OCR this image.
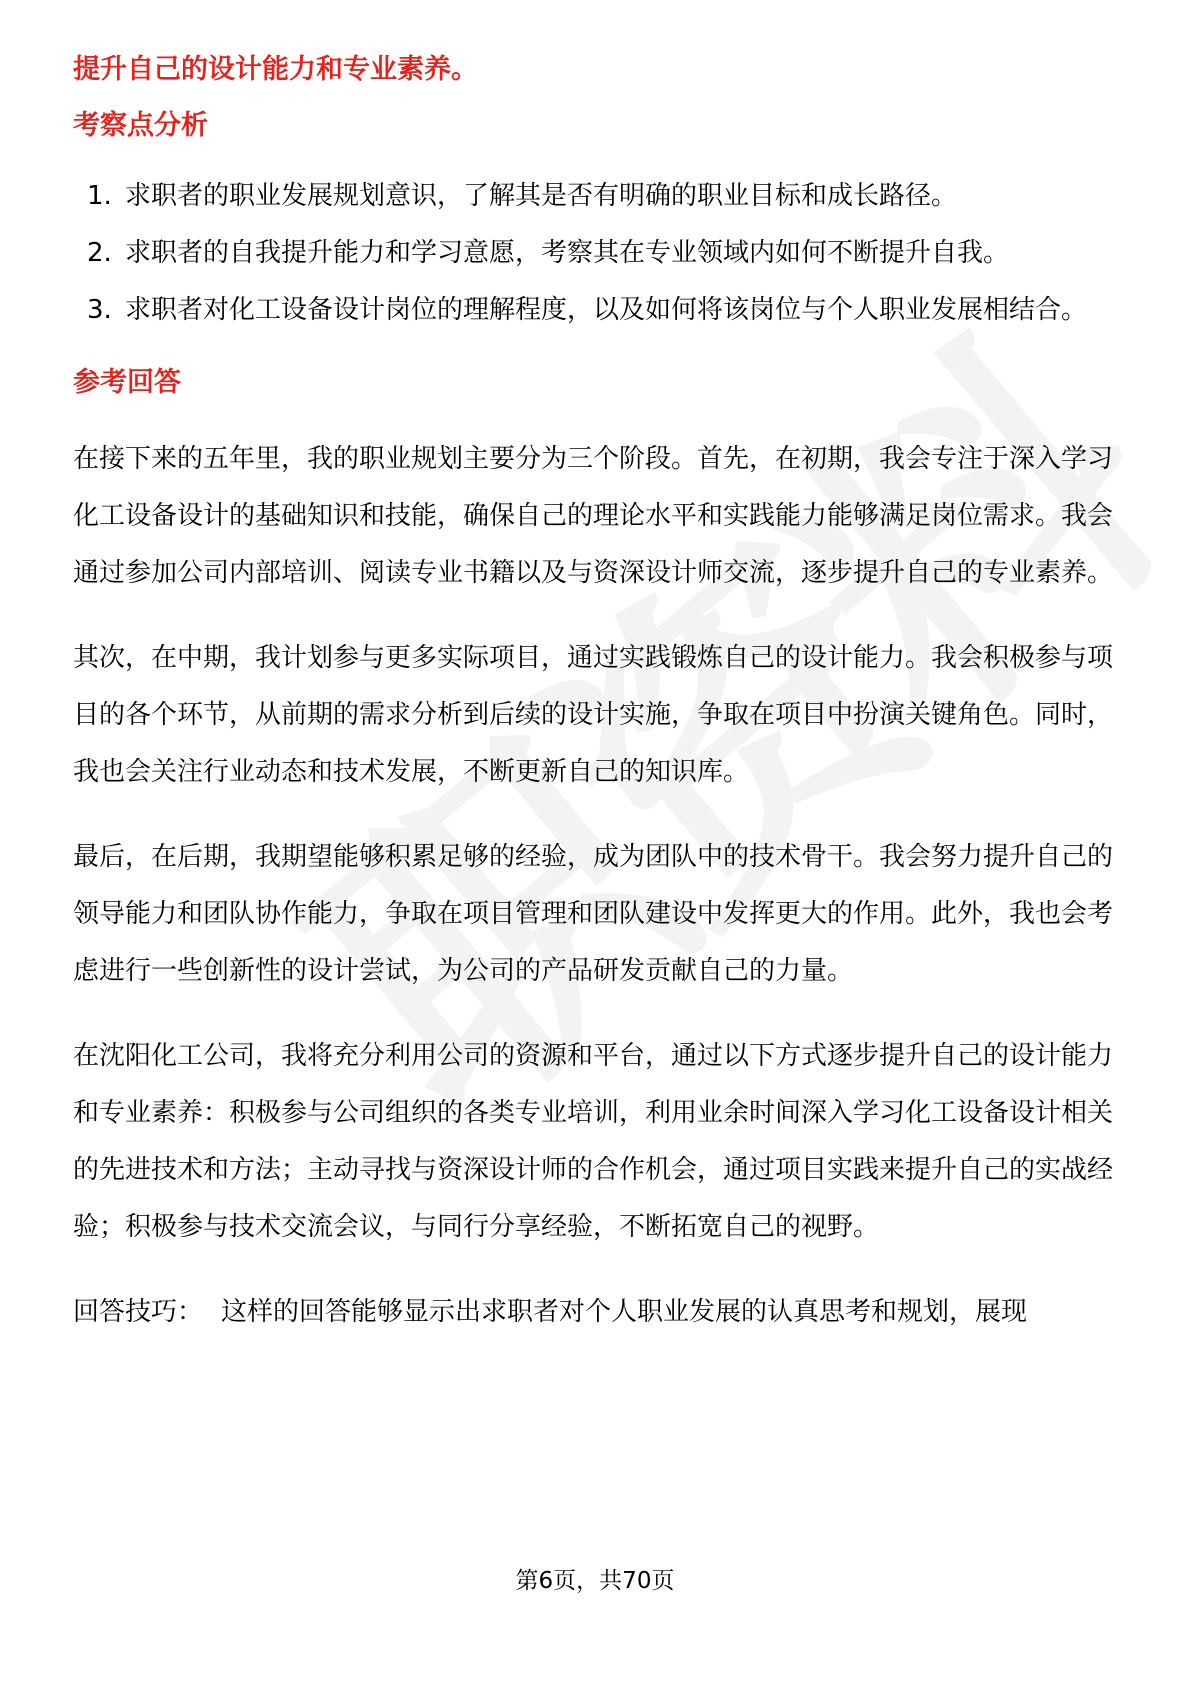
提升自己的设计能力和专业素养。

考察点分析

1. 求职者的职业发展规划意识，了解其是否有明确的职业目标和成长路径。
2. 求职者的自我提升能力和学习意愿，考察其在专业领域内如何不断提升自我。
3. 求职者对化工设备设计岗位的理解程度，以及如何将该岗位与个人职业发展相结合。

参考回答

在接下来的五年里，我的职业规划主要分为三个阶段。首先，在初期，我会专注于深入学习化工设备设计的基础知识和技能，确保自己的理论水平和实践能力能够满足岗位需求。我会通过参加公司内部培训、阅读专业书籍以及与资深设计师交流，逐步提升自己的专业素养。

其次，在中期，我计划参与更多实际项目，通过实践锻炼自己的设计能力。我会积极参与项目的各个环节，从前期的需求分析到后续的设计实施，争取在项目中扮演关键角色。同时，我也会关注行业动态和技术发展，不断更新自己的知识库。

最后，在后期，我期望能够积累足够的经验，成为团队中的技术骨干。我会努力提升自己的领导能力和团队协作能力，争取在项目管理和团队建设中发挥更大的作用。此外，我也会考虑进行一些创新性的设计尝试，为公司的产品研发贡献自己的力量。

在沈阳化工公司，我将充分利用公司的资源和平台，通过以下方式逐步提升自己的设计能力和专业素养：积极参与公司组织的各类专业培训，利用业余时间深入学习化工设备设计相关的先进技术和方法；主动寻找与资深设计师的合作机会，通过项目实践来提升自己的实战经验；积极参与技术交流会议，与同行分享经验，不断拓宽自己的视野。

回答技巧： 这样的回答能够显示出求职者对个人职业发展的认真思考和规划，展现

第6页，共70页
